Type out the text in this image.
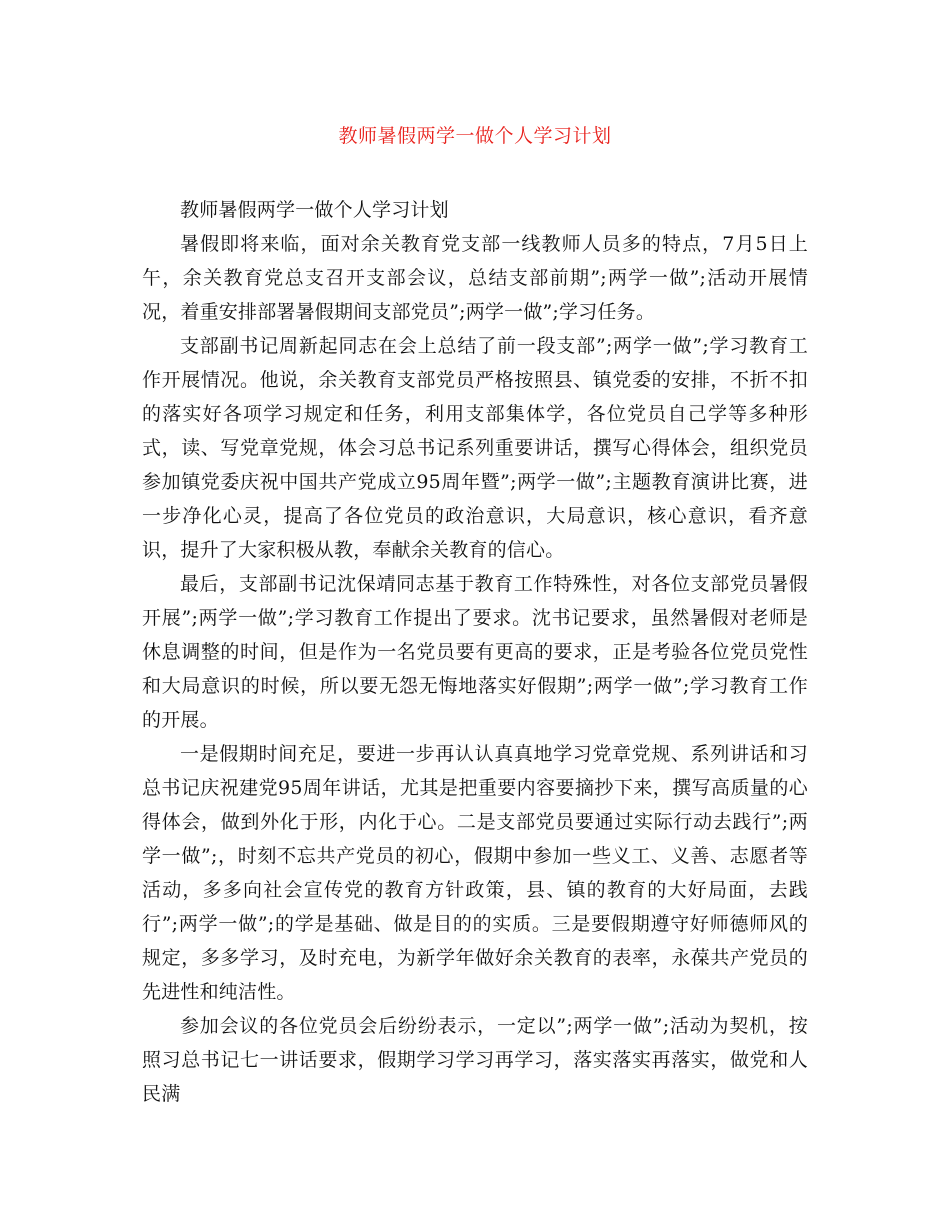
教师暑假两学一做个人学习计划

教师暑假两学一做个人学习计划

暑假即将来临，面对余关教育党支部一线教师人员多的特点，7月5日上午，余关教育党总支召开支部会议，总结支部前期”;两学一做”;活动开展情况，着重安排部署暑假期间支部党员”;两学一做”;学习任务。

支部副书记周新起同志在会上总结了前一段支部”;两学一做”;学习教育工作开展情况。他说，余关教育支部党员严格按照县、镇党委的安排，不折不扣的落实好各项学习规定和任务，利用支部集体学，各位党员自己学等多种形式，读、写党章党规，体会习总书记系列重要讲话，撰写心得体会，组织党员参加镇党委庆祝中国共产党成立95周年暨”;两学一做”;主题教育演讲比赛，进一步净化心灵，提高了各位党员的政治意识，大局意识，核心意识，看齐意识，提升了大家积极从教，奉献余关教育的信心。

最后，支部副书记沈保靖同志基于教育工作特殊性，对各位支部党员暑假开展”;两学一做”;学习教育工作提出了要求。沈书记要求，虽然暑假对老师是休息调整的时间，但是作为一名党员要有更高的要求，正是考验各位党员党性和大局意识的时候，所以要无怨无悔地落实好假期”;两学一做”;学习教育工作的开展。

一是假期时间充足，要进一步再认认真真地学习党章党规、系列讲话和习总书记庆祝建党95周年讲话，尤其是把重要内容要摘抄下来，撰写高质量的心得体会，做到外化于形，内化于心。二是支部党员要通过实际行动去践行”;两学一做”;，时刻不忘共产党员的初心，假期中参加一些义工、义善、志愿者等活动，多多向社会宣传党的教育方针政策，县、镇的教育的大好局面，去践行”;两学一做”;的学是基础、做是目的的实质。三是要假期遵守好师德师风的规定，多多学习，及时充电，为新学年做好余关教育的表率，永葆共产党员的先进性和纯洁性。

参加会议的各位党员会后纷纷表示，一定以”;两学一做”;活动为契机，按照习总书记七一讲话要求，假期学习学习再学习，落实落实再落实，做党和人民满
